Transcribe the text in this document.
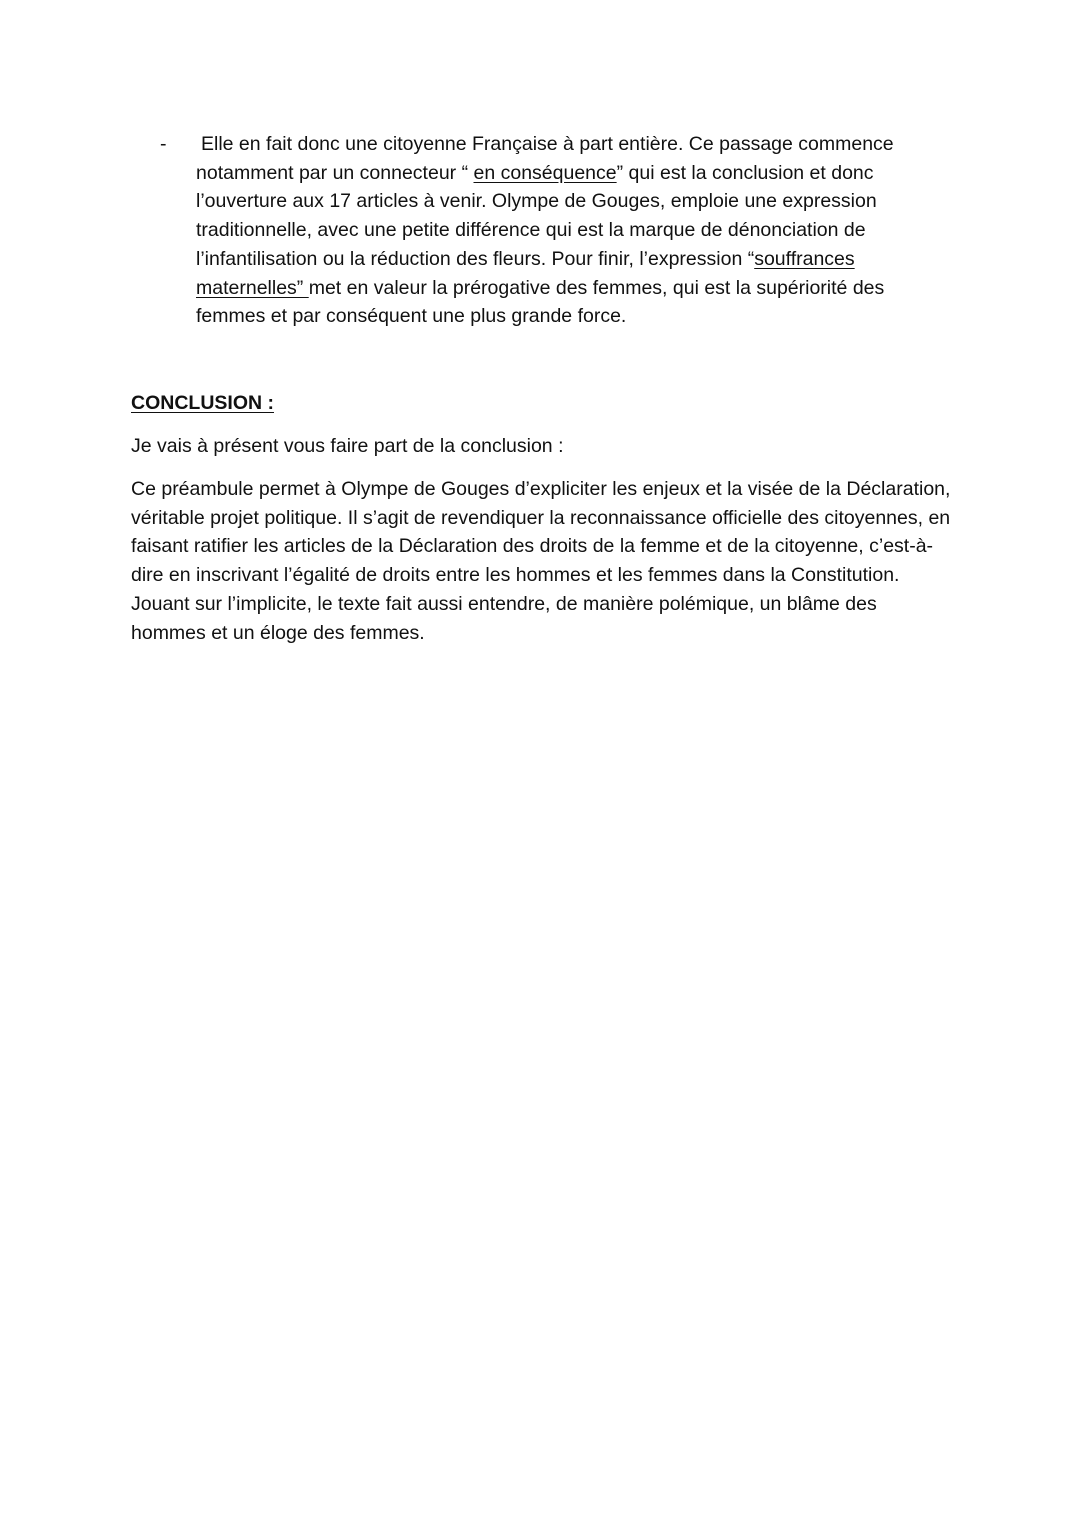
- Elle en fait donc une citoyenne Française à part entière. Ce passage commence notamment par un connecteur “ en conséquence” qui est la conclusion et donc l’ouverture aux 17 articles à venir. Olympe de Gouges, emploie une expression traditionnelle, avec une petite différence qui est la marque de dénonciation de l’infantilisation ou la réduction des fleurs. Pour finir, l’expression “souffrances maternelles” met en valeur la prérogative des femmes, qui est la supériorité des femmes et par conséquent une plus grande force.
CONCLUSION :
Je vais à présent vous faire part de la conclusion :
Ce préambule permet à Olympe de Gouges d’expliciter les enjeux et la visée de la Déclaration, véritable projet politique. Il s’agit de revendiquer la reconnaissance officielle des citoyennes, en faisant ratifier les articles de la Déclaration des droits de la femme et de la citoyenne, c’est-à-dire en inscrivant l’égalité de droits entre les hommes et les femmes dans la Constitution. Jouant sur l’implicite, le texte fait aussi entendre, de manière polémique, un blâme des hommes et un éloge des femmes.
